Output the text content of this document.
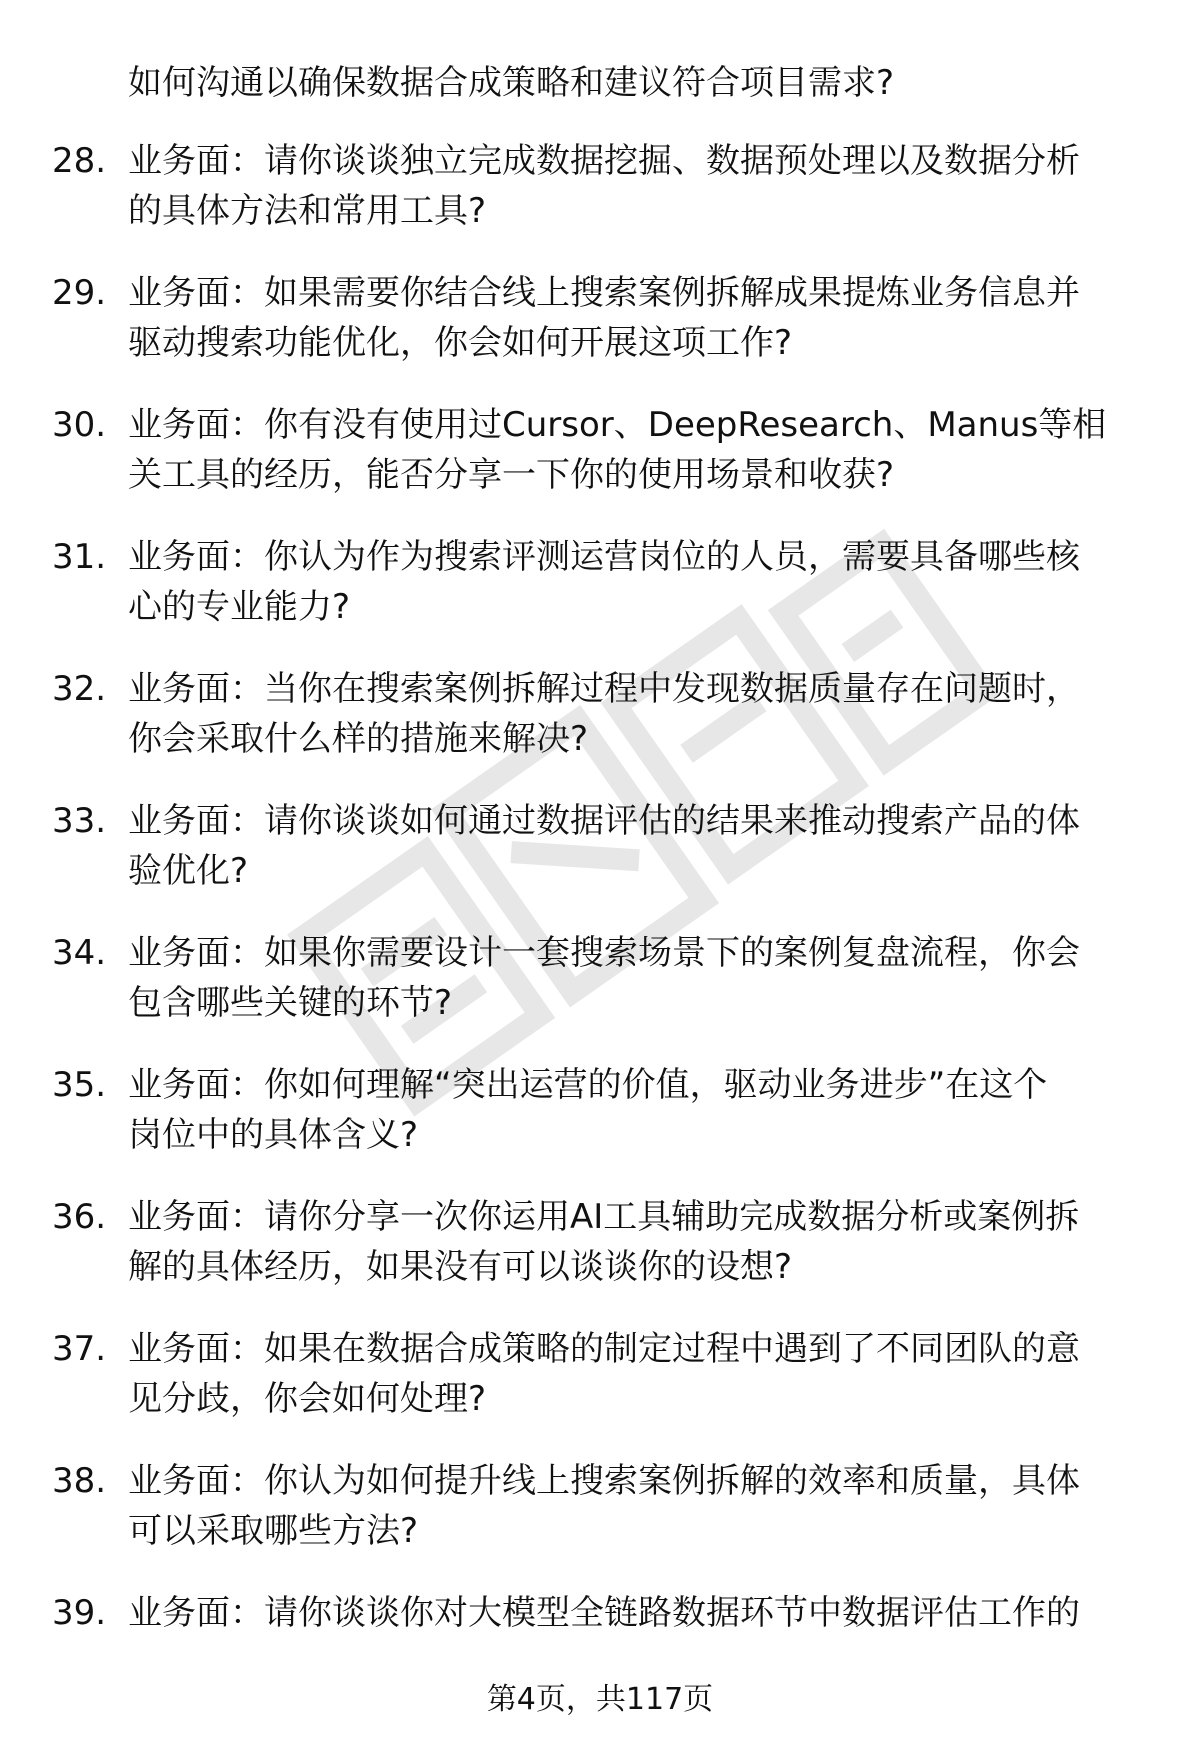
如何沟通以确保数据合成策略和建议符合项目需求?
28. 业务面：请你谈谈独立完成数据挖掘、数据预处理以及数据分析
的具体方法和常用工具?
29. 业务面：如果需要你结合线上搜索案例拆解成果提炼业务信息并
驱动搜索功能优化，你会如何开展这项工作?
30. 业务面：你有没有使用过Cursor、DeepResearch、Manus等相
关工具的经历，能否分享一下你的使用场景和收获?
31. 业务面：你认为作为搜索评测运营岗位的人员，需要具备哪些核
心的专业能力?
32. 业务面：当你在搜索案例拆解过程中发现数据质量存在问题时，
你会采取什么样的措施来解决?
33. 业务面：请你谈谈如何通过数据评估的结果来推动搜索产品的体
验优化?
34. 业务面：如果你需要设计一套搜索场景下的案例复盘流程，你会
包含哪些关键的环节?
35. 业务面：你如何理解“突出运营的价值，驱动业务进步”在这个
岗位中的具体含义?
36. 业务面：请你分享一次你运用AI工具辅助完成数据分析或案例拆
解的具体经历，如果没有可以谈谈你的设想?
37. 业务面：如果在数据合成策略的制定过程中遇到了不同团队的意
见分歧，你会如何处理?
38. 业务面：你认为如何提升线上搜索案例拆解的效率和质量，具体
可以采取哪些方法?
39. 业务面：请你谈谈你对大模型全链路数据环节中数据评估工作的
第4页，共117页
